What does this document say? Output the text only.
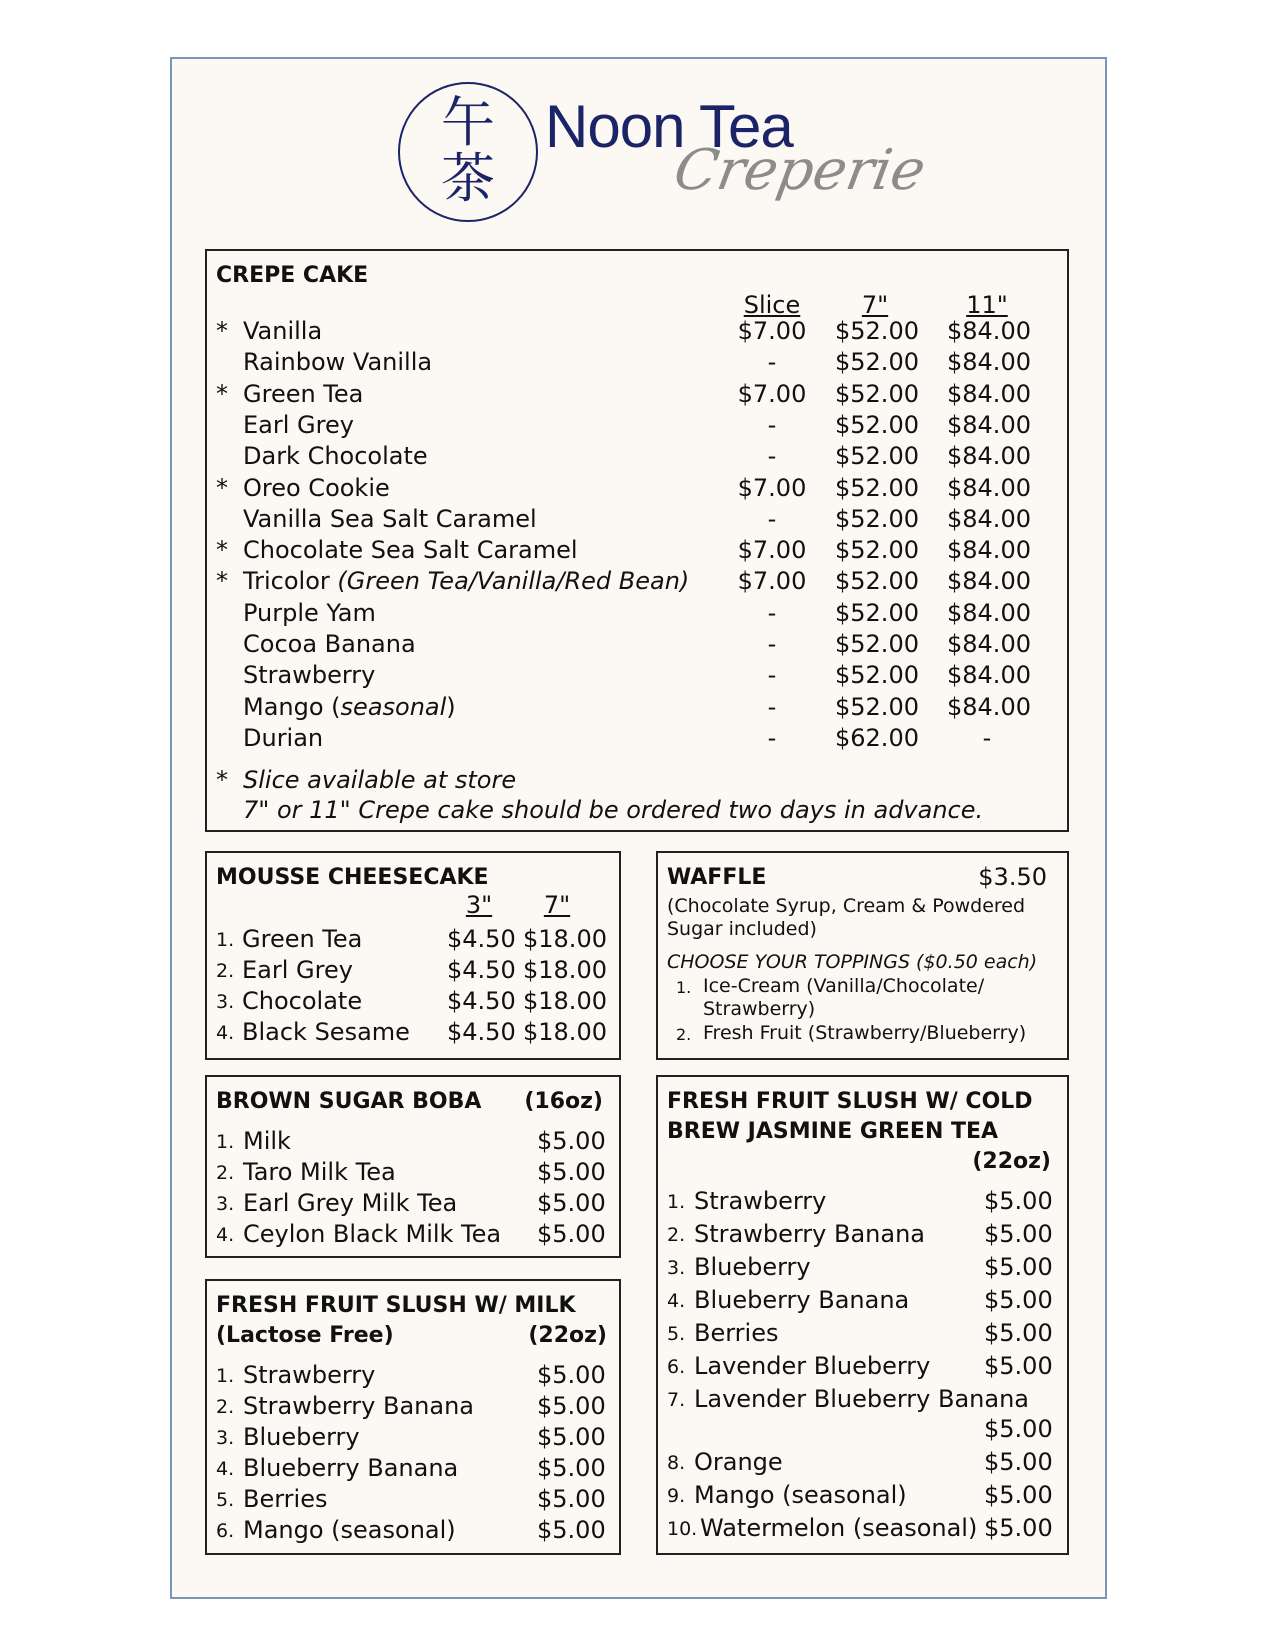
午
茶
Noon Tea
Creperie
CREPE CAKE
Slice	7"	11"
* Slice available at store
7" or 11" Crepe cake should be ordered two days in advance.
* Vanilla	$7.00 $52.00 $84.00
Rainbow Vanilla	-	$52.00 $84.00
* Green Tea	$7.00 $52.00 $84.00
Earl Grey	-	$52.00 $84.00
Dark Chocolate	-	$52.00 $84.00
* Oreo Cookie	$7.00 $52.00 $84.00
Vanilla Sea Salt Caramel	-	$52.00 $84.00
* Chocolate Sea Salt Caramel	$7.00 $52.00 $84.00
* Tricolor (Green Tea/Vanilla/Red Bean) $7.00 $52.00 $84.00
Purple Yam	-	$52.00 $84.00
Cocoa Banana	-	$52.00 $84.00
Strawberry	-	$52.00 $84.00
Mango (seasonal)	-	$52.00 $84.00
Durian	-	$62.00	-
MOUSSE CHEESECAKE
3"	7"
1. Green Tea	$4.50 $18.00
2. Earl Grey	$4.50 $18.00
3. Chocolate	$4.50 $18.00
4. Black Sesame $4.50 $18.00
WAFFLE	$3.50
(Chocolate Syrup, Cream & Powdered
Sugar included)
CHOOSE YOUR TOPPINGS ($0.50 each)
1. Ice-Cream (Vanilla/Chocolate/
Strawberry)
2. Fresh Fruit (Strawberry/Blueberry)
BROWN SUGAR BOBA (16oz)
1. Milk	$5.00
2. Taro Milk Tea	$5.00
3. Earl Grey Milk Tea	$5.00
4. Ceylon Black Milk Tea $5.00
FRESH FRUIT SLUSH W/ MILK
(Lactose Free)	(22oz)
1. Strawberry	$5.00
2. Strawberry Banana	$5.00
3. Blueberry	$5.00
4. Blueberry Banana	$5.00
5. Berries	$5.00
6. Mango (seasonal)	$5.00
FRESH FRUIT SLUSH W/ COLD
BREW JASMINE GREEN TEA
(22oz)
1. Strawberry	$5.00
2. Strawberry Banana $5.00
3. Blueberry	$5.00
4. Blueberry Banana	$5.00
5. Berries	$5.00
6. Lavender Blueberry $5.00
7. Lavender Blueberry Banana
$5.00
8. Orange	$5.00
9. Mango (seasonal)	$5.00
10. Watermelon (seasonal) $5.00
